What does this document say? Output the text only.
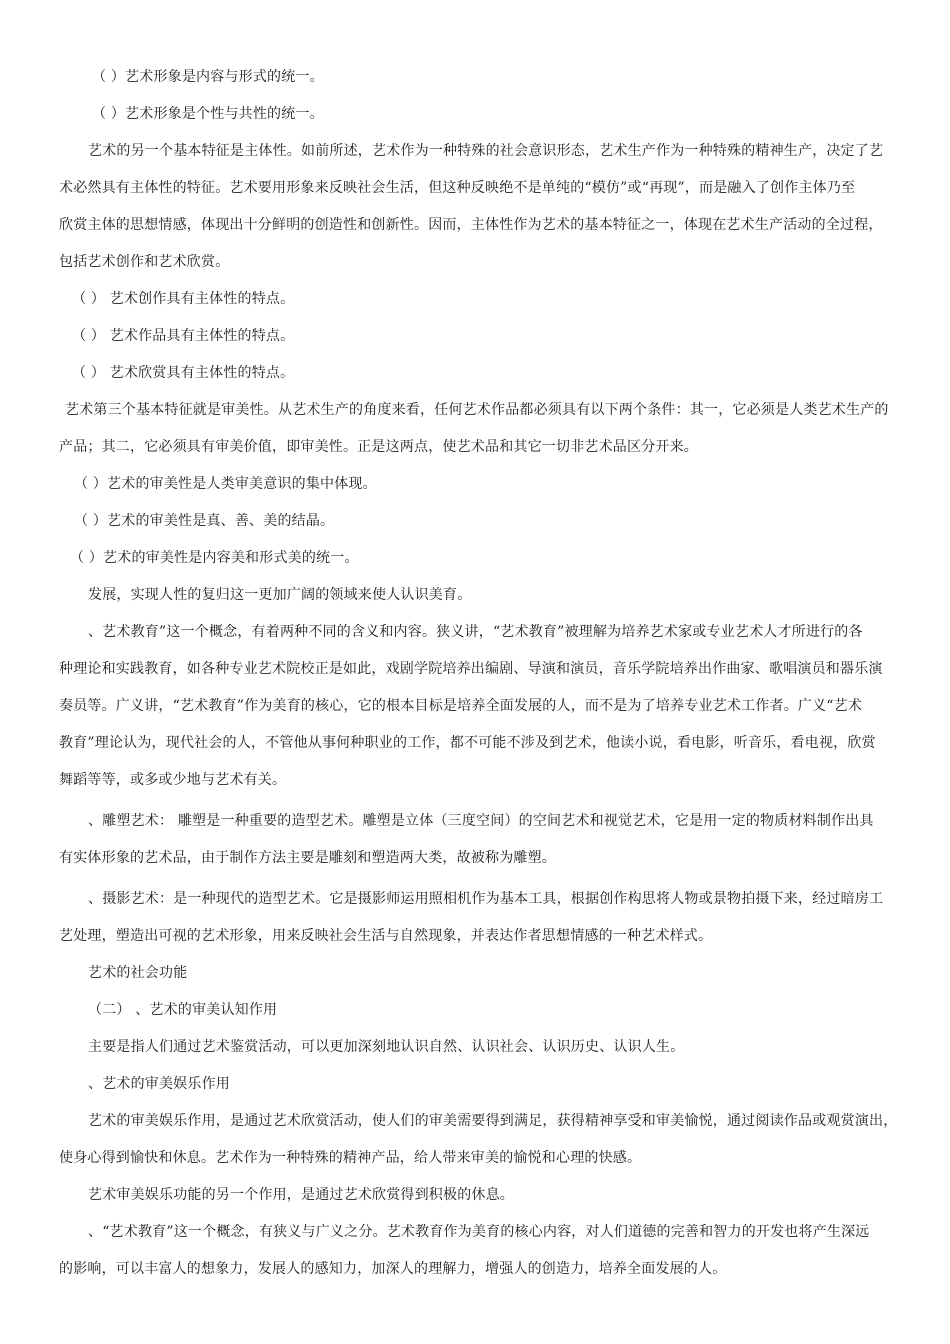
（ ）艺术形象是内容与形式的统一。

（ ）艺术形象是个性与共性的统一。

艺术的另一个基本特征是主体性。如前所述，艺术作为一种特殊的社会意识形态，艺术生产作为一种特殊的精神生产，决定了艺

术必然具有主体性的特征。艺术要用形象来反映社会生活，但这种反映绝不是单纯的“模仿”或“再现”，而是融入了创作主体乃至

欣赏主体的思想情感，体现出十分鲜明的创造性和创新性。因而，主体性作为艺术的基本特征之一，体现在艺术生产活动的全过程，

包括艺术创作和艺术欣赏。

（ ） 艺术创作具有主体性的特点。

（ ） 艺术作品具有主体性的特点。

（ ） 艺术欣赏具有主体性的特点。

艺术第三个基本特征就是审美性。从艺术生产的角度来看，任何艺术作品都必须具有以下两个条件：其一，它必须是人类艺术生产的

产品；其二，它必须具有审美价值，即审美性。正是这两点，使艺术品和其它一切非艺术品区分开来。

（ ）艺术的审美性是人类审美意识的集中体现。

（ ）艺术的审美性是真、善、美的结晶。

（ ）艺术的审美性是内容美和形式美的统一。

发展，实现人性的复归这一更加广阔的领域来使人认识美育。

、艺术教育”这一个概念，有着两种不同的含义和内容。狭义讲，“艺术教育”被理解为培养艺术家或专业艺术人才所进行的各

种理论和实践教育，如各种专业艺术院校正是如此，戏剧学院培养出编剧、导演和演员，音乐学院培养出作曲家、歌唱演员和器乐演

奏员等。广义讲，“艺术教育”作为美育的核心，它的根本目标是培养全面发展的人，而不是为了培养专业艺术工作者。广义“艺术

教育”理论认为，现代社会的人，不管他从事何种职业的工作，都不可能不涉及到艺术，他读小说，看电影，听音乐，看电视，欣赏

舞蹈等等，或多或少地与艺术有关。

、雕塑艺术： 雕塑是一种重要的造型艺术。雕塑是立体（三度空间）的空间艺术和视觉艺术，它是用一定的物质材料制作出具

有实体形象的艺术品，由于制作方法主要是雕刻和塑造两大类，故被称为雕塑。

、摄影艺术：是一种现代的造型艺术。它是摄影师运用照相机作为基本工具，根据创作构思将人物或景物拍摄下来，经过暗房工

艺处理，塑造出可视的艺术形象，用来反映社会生活与自然现象，并表达作者思想情感的一种艺术样式。

艺术的社会功能

（二） 、艺术的审美认知作用

主要是指人们通过艺术鉴赏活动，可以更加深刻地认识自然、认识社会、认识历史、认识人生。

、艺术的审美娱乐作用

艺术的审美娱乐作用，是通过艺术欣赏活动，使人们的审美需要得到满足，获得精神享受和审美愉悦，通过阅读作品或观赏演出，

使身心得到愉快和休息。艺术作为一种特殊的精神产品，给人带来审美的愉悦和心理的快感。

艺术审美娱乐功能的另一个作用，是通过艺术欣赏得到积极的休息。

、“艺术教育”这一个概念，有狭义与广义之分。艺术教育作为美育的核心内容，对人们道德的完善和智力的开发也将产生深远

的影响，可以丰富人的想象力，发展人的感知力，加深人的理解力，增强人的创造力，培养全面发展的人。
